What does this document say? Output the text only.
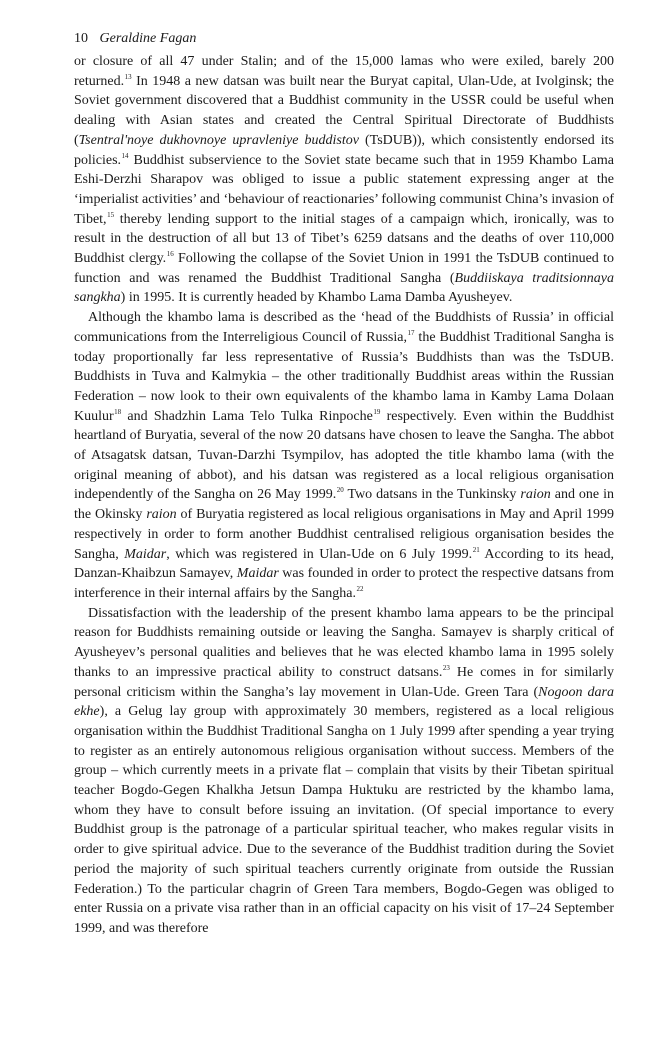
10 Geraldine Fagan

or closure of all 47 under Stalin; and of the 15,000 lamas who were exiled, barely 200 returned.$^{13}$ In 1948 a new datsan was built near the Buryat capital, Ulan-Ude, at Ivolginsk; the Soviet government discovered that a Buddhist community in the USSR could be useful when dealing with Asian states and created the Central Spiritual Directorate of Buddhists (Tsentral'noye dukhovnoye upravleniye buddistov (TsDUB)), which consistently endorsed its policies.$^{14}$ Buddhist subservience to the Soviet state became such that in 1959 Khambo Lama Eshi-Derzhi Sharapov was obliged to issue a public statement expressing anger at the ‘imperialist activities’ and ‘behaviour of reactionaries’ following communist China’s invasion of Tibet,$^{15}$ thereby lending support to the initial stages of a campaign which, ironically, was to result in the destruction of all but 13 of Tibet’s 6259 datsans and the deaths of over 110,000 Buddhist clergy.$^{16}$ Following the collapse of the Soviet Union in 1991 the TsDUB continued to function and was renamed the Buddhist Traditional Sangha (Buddiiskaya traditsionnaya sangkha) in 1995. It is currently headed by Khambo Lama Damba Ayusheyev.

Although the khambo lama is described as the ‘head of the Buddhists of Russia’ in official communications from the Interreligious Council of Russia,$^{17}$ the Buddhist Traditional Sangha is today proportionally far less representative of Russia’s Buddhists than was the TsDUB. Buddhists in Tuva and Kalmykia – the other traditionally Buddhist areas within the Russian Federation – now look to their own equivalents of the khambo lama in Kamby Lama Dolaan Kuulur$^{18}$ and Shadzhin Lama Telo Tulka Rinpoche$^{19}$ respectively. Even within the Buddhist heartland of Buryatia, several of the now 20 datsans have chosen to leave the Sangha. The abbot of Atsagatsk datsan, Tuvan-Darzhi Tsympilov, has adopted the title khambo lama (with the original meaning of abbot), and his datsan was registered as a local religious organisation independently of the Sangha on 26 May 1999.20 Two datsans in the Tunkinsky raion and one in the Okinsky raion of Buryatia registered as local religious organisations in May and April 1999 respectively in order to form another Buddhist centralised religious organisation besides the Sangha, Maidar, which was registered in Ulan-Ude on 6 July 1999.21 According to its head, Danzan-Khaibzun Samayev, Maidar was founded in order to protect the respective datsans from interference in their internal affairs by the Sangha.$^{22}$

Dissatisfaction with the leadership of the present khambo lama appears to be the principal reason for Buddhists remaining outside or leaving the Sangha. Samayev is sharply critical of Ayusheyev’s personal qualities and believes that he was elected khambo lama in 1995 solely thanks to an impressive practical ability to construct datsans.$^{23}$ He comes in for similarly personal criticism within the Sangha’s lay movement in Ulan-Ude. Green Tara (Nogoon dara ekhe), a Gelug lay group with approximately 30 members, registered as a local religious organisation within the Buddhist Traditional Sangha on 1 July 1999 after spending a year trying to register as an entirely autonomous religious organisation without success. Members of the group – which currently meets in a private flat – complain that visits by their Tibetan spiritual teacher Bogdo-Gegen Khalkha Jetsun Dampa Huktuku are restricted by the khambo lama, whom they have to consult before issuing an invitation. (Of special importance to every Buddhist group is the patronage of a particular spiritual teacher, who makes regular visits in order to give spiritual advice. Due to the severance of the Buddhist tradition during the Soviet period the majority of such spiritual teachers currently originate from outside the Russian Federation.) To the particular chagrin of Green Tara members, Bogdo-Gegen was obliged to enter Russia on a private visa rather than in an official capacity on his visit of 17–24 September 1999, and was therefore
